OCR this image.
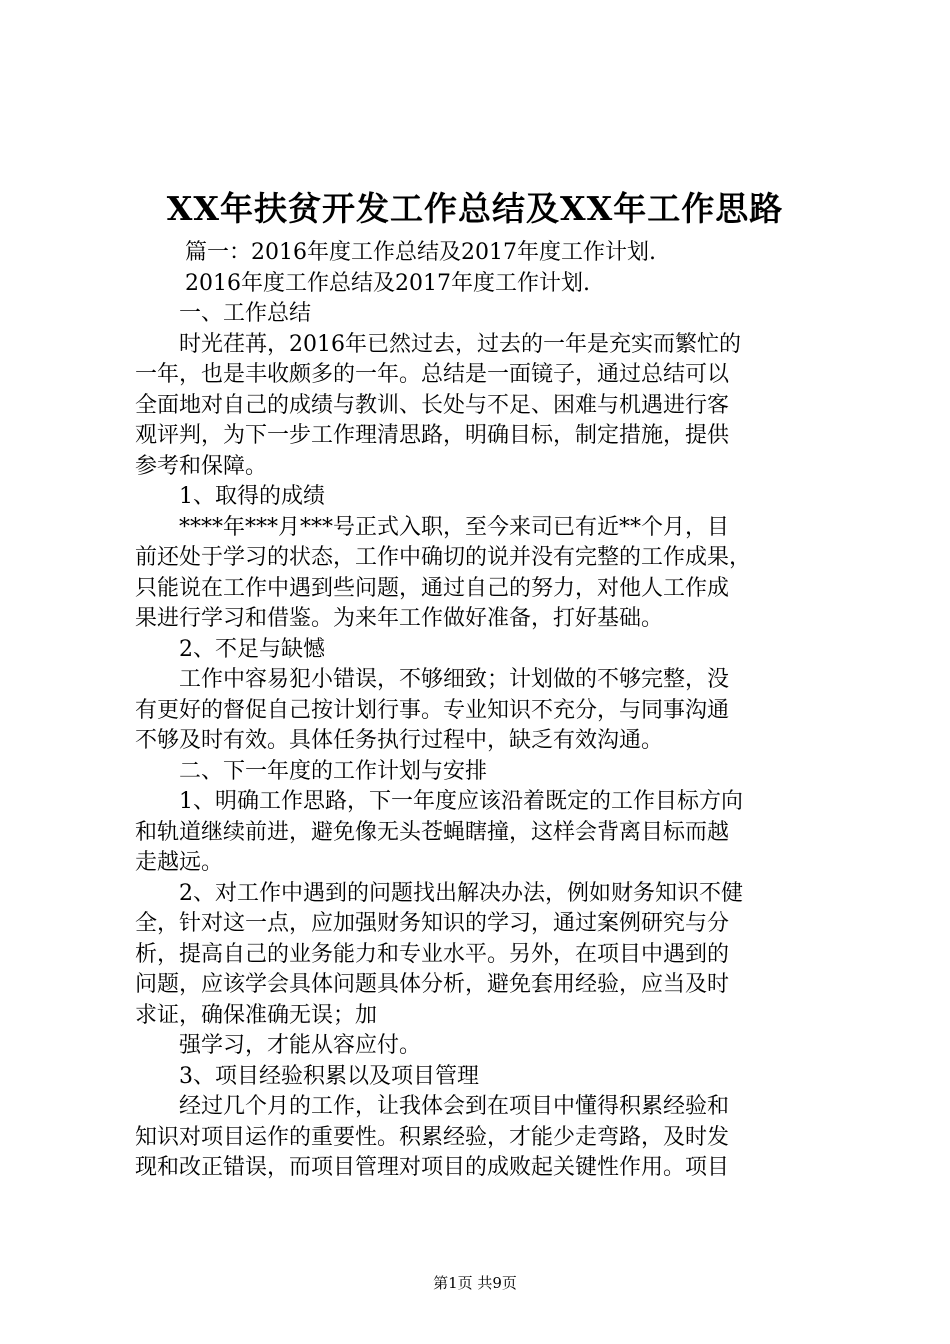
XX年扶贫开发工作总结及XX年工作思路
篇一：2016年度工作总结及2017年度工作计划.
2016年度工作总结及2017年度工作计划.
一、工作总结
时光荏苒，2016年已然过去，过去的一年是充实而繁忙的
一年，也是丰收颇多的一年。总结是一面镜子，通过总结可以
全面地对自己的成绩与教训、长处与不足、困难与机遇进行客
观评判，为下一步工作理清思路，明确目标，制定措施，提供
参考和保障。
1、取得的成绩
****年***月***号正式入职，至今来司已有近**个月，目
前还处于学习的状态，工作中确切的说并没有完整的工作成果，
只能说在工作中遇到些问题，通过自己的努力，对他人工作成
果进行学习和借鉴。为来年工作做好准备，打好基础。
2、不足与缺憾
工作中容易犯小错误，不够细致；计划做的不够完整，没
有更好的督促自己按计划行事。专业知识不充分，与同事沟通
不够及时有效。具体任务执行过程中，缺乏有效沟通。
二、下一年度的工作计划与安排
1、明确工作思路，下一年度应该沿着既定的工作目标方向
和轨道继续前进，避免像无头苍蝇瞎撞，这样会背离目标而越
走越远。
2、对工作中遇到的问题找出解决办法，例如财务知识不健
全，针对这一点，应加强财务知识的学习，通过案例研究与分
析，提高自己的业务能力和专业水平。另外，在项目中遇到的
问题，应该学会具体问题具体分析，避免套用经验，应当及时
求证，确保准确无误；加
强学习，才能从容应付。
3、项目经验积累以及项目管理
经过几个月的工作，让我体会到在项目中懂得积累经验和
知识对项目运作的重要性。积累经验，才能少走弯路，及时发
现和改正错误，而项目管理对项目的成败起关键性作用。项目
第1页 共9页
